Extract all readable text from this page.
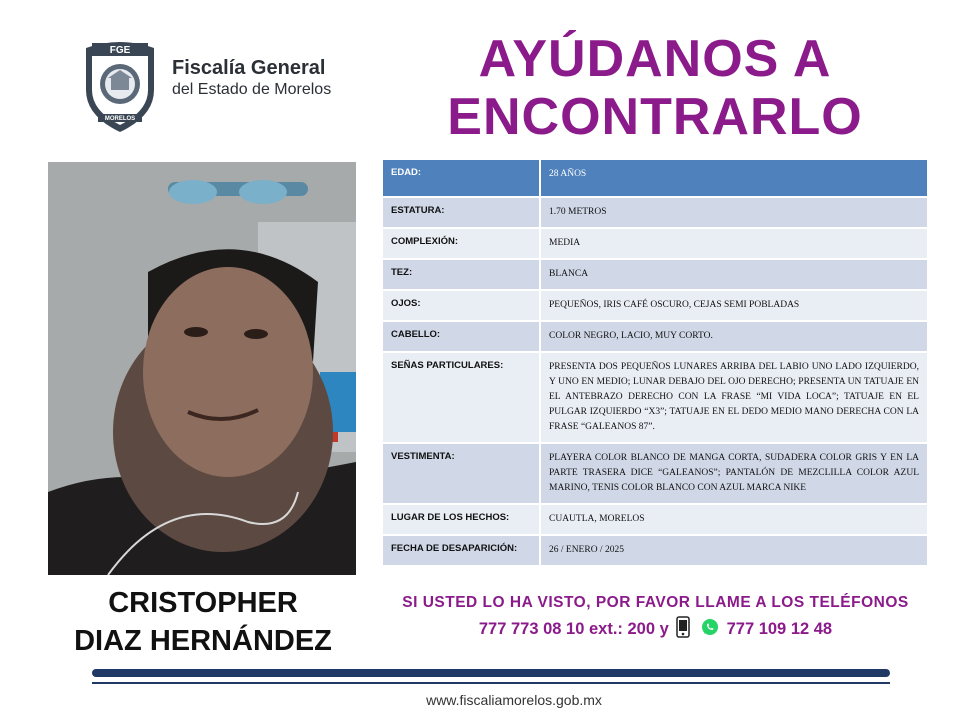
FGE
MORELOS
Fiscalía General
del Estado de Morelos
AYÚDANOS A
ENCONTRARLO
CRISTOPHER
DIAZ HERNÁNDEZ
EDAD:	28 AÑOS
ESTATURA:	1.70 METROS
COMPLEXIÓN:	MEDIA
TEZ:	BLANCA
OJOS:	PEQUEÑOS, IRIS CAFÉ OSCURO, CEJAS SEMI POBLADAS
CABELLO:	COLOR NEGRO, LACIO, MUY CORTO.
SEÑAS PARTICULARES:	PRESENTA DOS PEQUEÑOS LUNARES ARRIBA DEL LABIO UNO LADO IZQUIERDO, Y UNO EN MEDIO; LUNAR DEBAJO DEL OJO DERECHO; PRESENTA UN TATUAJE EN EL ANTEBRAZO DERECHO CON LA FRASE “MI VIDA LOCA”; TATUAJE EN EL PULGAR IZQUIERDO “X3”; TATUAJE EN EL DEDO MEDIO MANO DERECHA CON LA FRASE “GALEANOS 87”.
VESTIMENTA:	PLAYERA COLOR BLANCO DE MANGA CORTA, SUDADERA COLOR GRIS Y EN LA PARTE TRASERA DICE “GALEANOS”; PANTALÓN DE MEZCLILLA COLOR AZUL MARINO, TENIS COLOR BLANCO CON AZUL MARCA NIKE
LUGAR DE LOS HECHOS:	CUAUTLA, MORELOS
FECHA DE DESAPARICIÓN:	26 / ENERO / 2025
SI USTED LO HA VISTO, POR FAVOR LLAME A LOS TELÉFONOS
777 773 08 10 ext.: 200 y	777 109 12 48
www.fiscaliamorelos.gob.mx
